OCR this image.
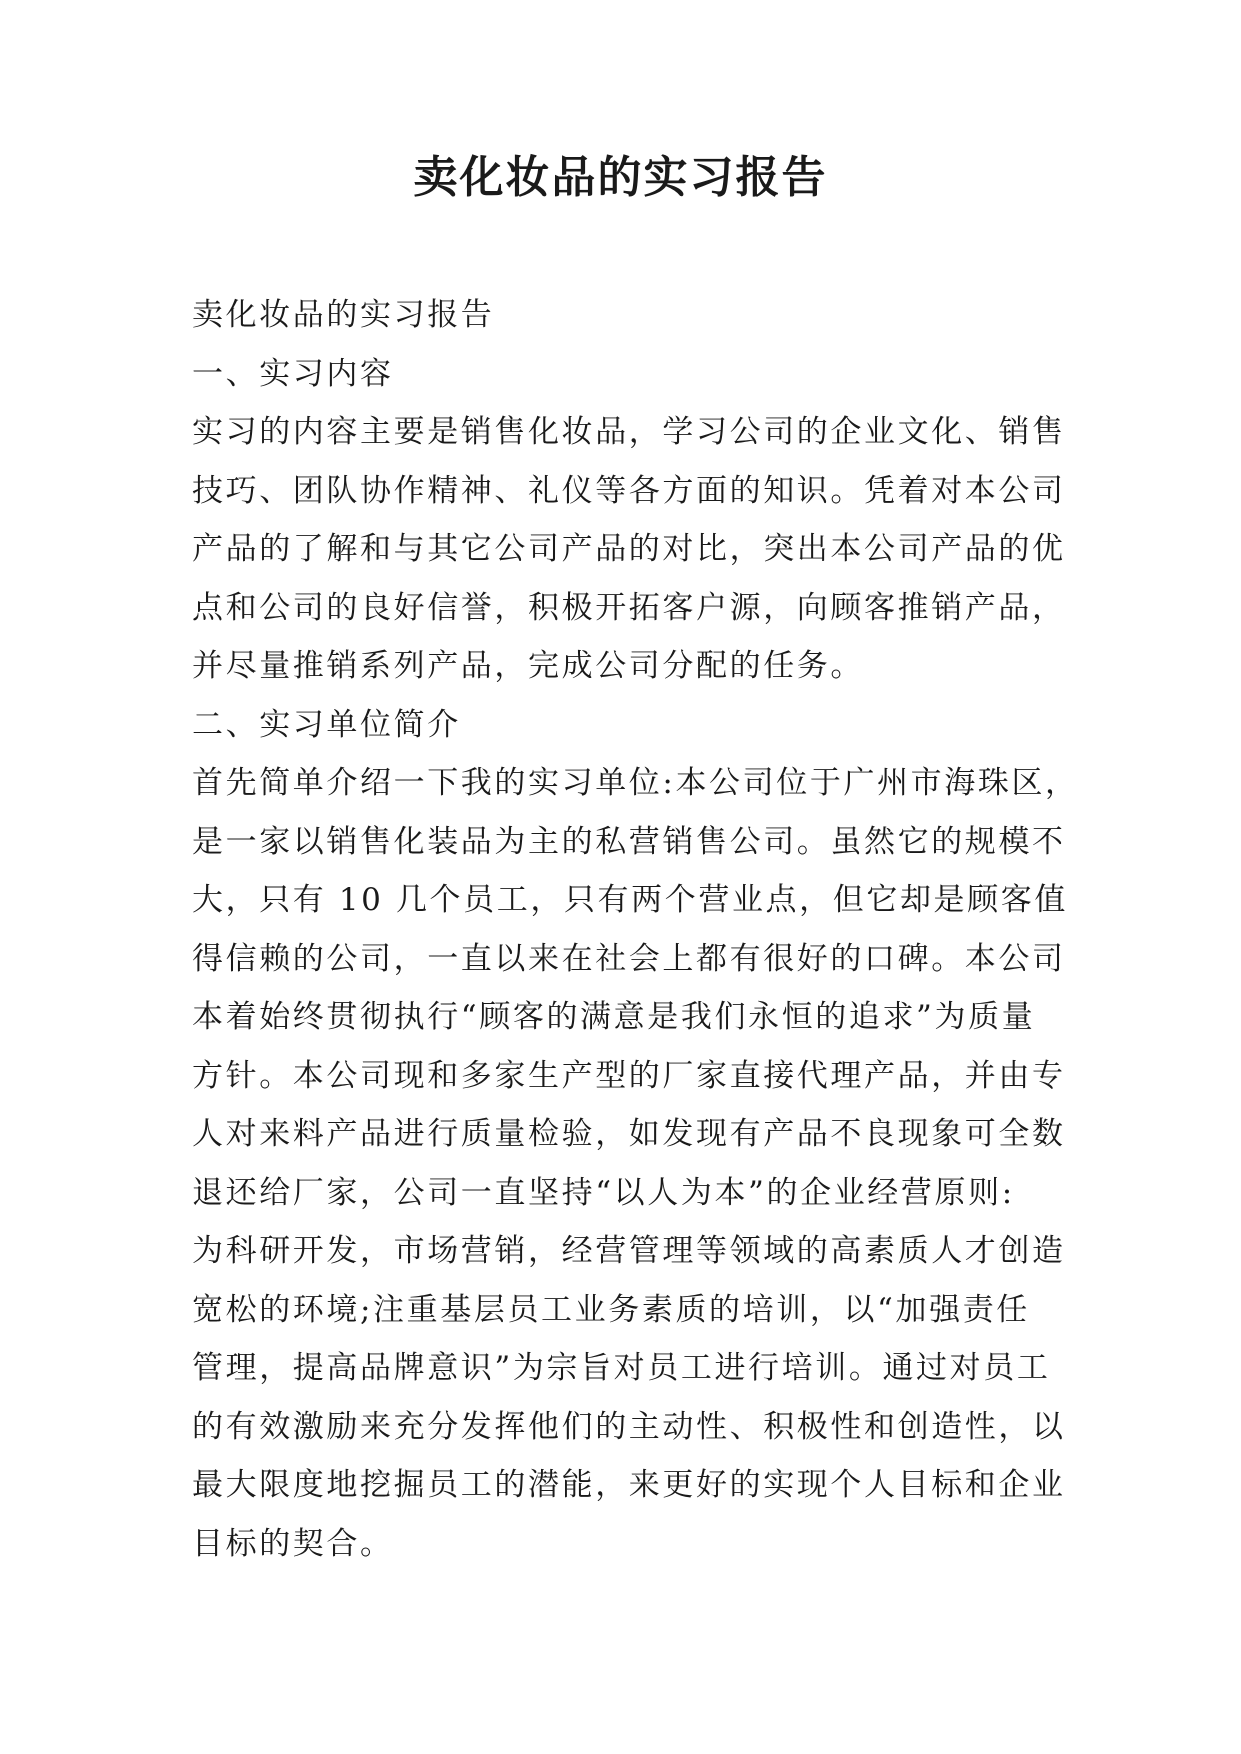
卖化妆品的实习报告
卖化妆品的实习报告
一、实习内容
实习的内容主要是销售化妆品，学习公司的企业文化、销售
技巧、团队协作精神、礼仪等各方面的知识。凭着对本公司
产品的了解和与其它公司产品的对比，突出本公司产品的优
点和公司的良好信誉，积极开拓客户源，向顾客推销产品，
并尽量推销系列产品，完成公司分配的任务。
二、实习单位简介
首先简单介绍一下我的实习单位:本公司位于广州市海珠区，
是一家以销售化装品为主的私营销售公司。虽然它的规模不
大，只有 10 几个员工，只有两个营业点，但它却是顾客值
得信赖的公司，一直以来在社会上都有很好的口碑。本公司
本着始终贯彻执行“顾客的满意是我们永恒的追求”为质量
方针。本公司现和多家生产型的厂家直接代理产品，并由专
人对来料产品进行质量检验，如发现有产品不良现象可全数
退还给厂家，公司一直坚持“以人为本”的企业经营原则:
为科研开发，市场营销，经营管理等领域的高素质人才创造
宽松的环境;注重基层员工业务素质的培训，以“加强责任
管理，提高品牌意识”为宗旨对员工进行培训。通过对员工
的有效激励来充分发挥他们的主动性、积极性和创造性，以
最大限度地挖掘员工的潜能，来更好的实现个人目标和企业
目标的契合。
